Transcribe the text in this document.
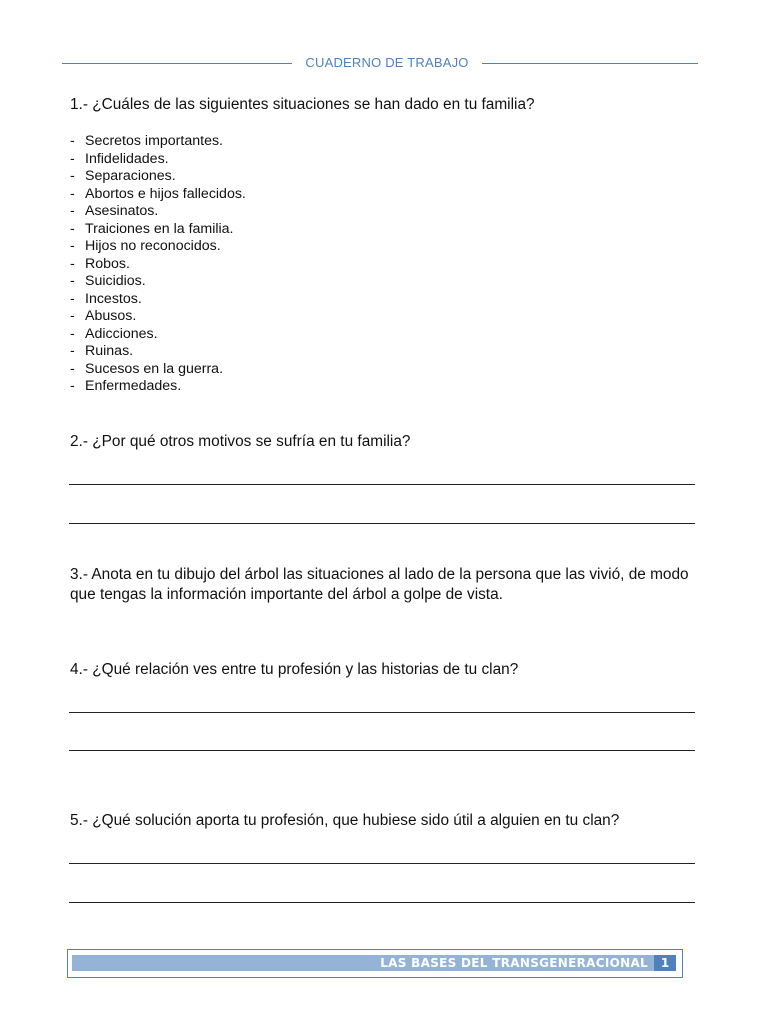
CUADERNO DE TRABAJO
1.- ¿Cuáles de las siguientes situaciones se han dado en tu familia?
- Secretos importantes.
- Infidelidades.
- Separaciones.
- Abortos e hijos fallecidos.
- Asesinatos.
- Traiciones en la familia.
- Hijos no reconocidos.
- Robos.
- Suicidios.
- Incestos.
- Abusos.
- Adicciones.
- Ruinas.
- Sucesos en la guerra.
- Enfermedades.
2.- ¿Por qué otros motivos se sufría en tu familia?
3.- Anota en tu dibujo del árbol las situaciones al lado de la persona que las vivió, de modo que tengas la información importante del árbol a golpe de vista.
4.- ¿Qué relación ves entre tu profesión y las historias de tu clan?
5.- ¿Qué solución aporta tu profesión, que hubiese sido útil a alguien en tu clan?
LAS BASES DEL TRANSGENERACIONAL	1
